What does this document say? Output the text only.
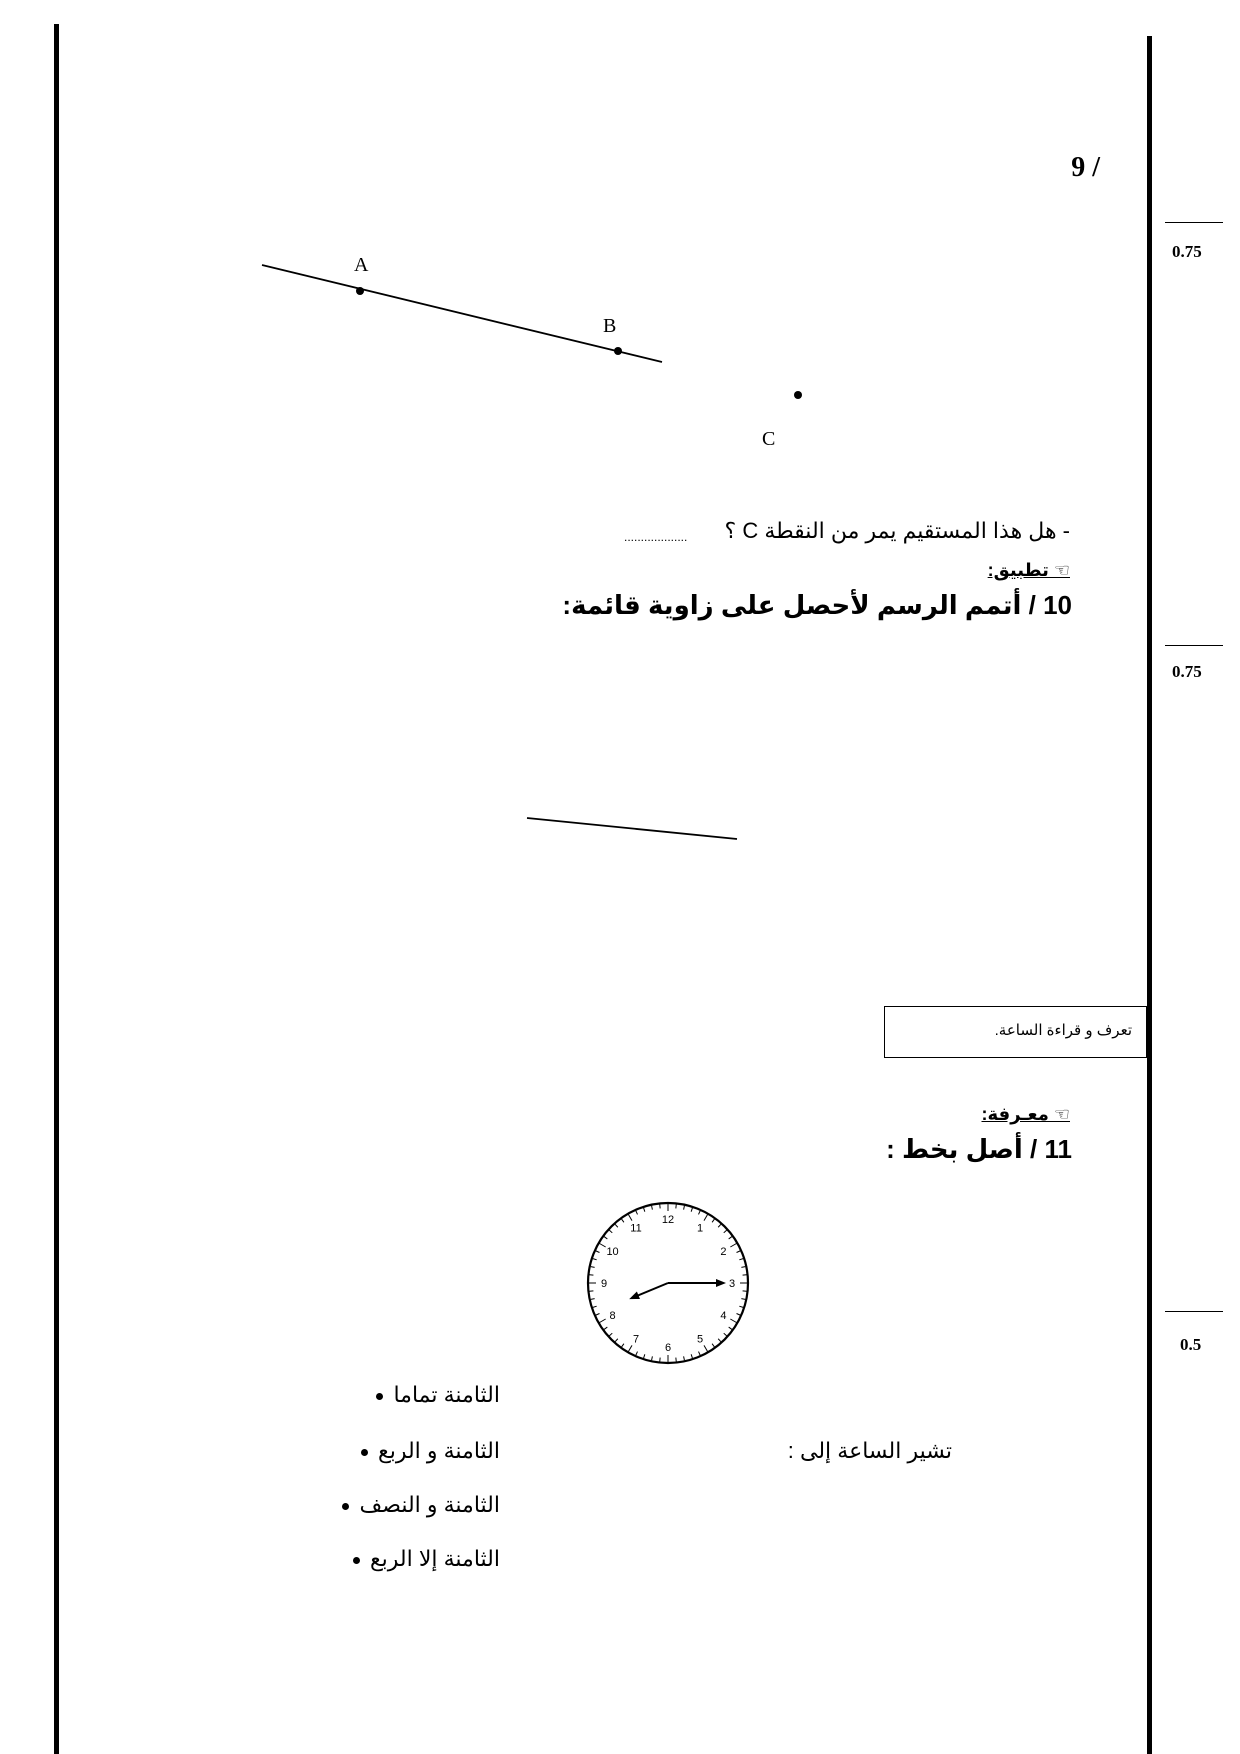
0.75
0.75
0.5
/ 9
A
B
C
- هل هذا المستقيم يمر من النقطة C ؟
...................
☜ تطبيق:
10 / أتمم الرسم لأحصل على زاوية قائمة:
تعرف و قراءة الساعة.
☜ معـرفة:
11 / أصل بخط :
12
1
2
3
4
5
6
7
8
9
10
11
تشير الساعة إلى :
الثامنة تماما
الثامنة و الربع
الثامنة و النصف
الثامنة إلا الربع
